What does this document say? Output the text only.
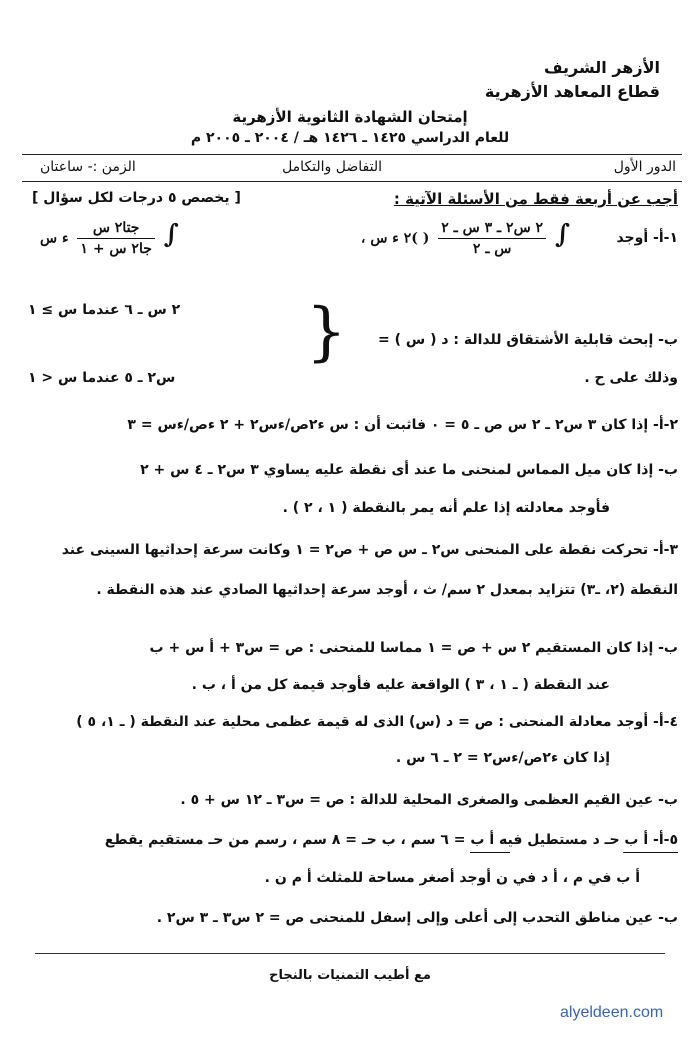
الأزهر الشريف
قطاع المعاهد الأزهرية
إمتحان الشهادة الثانوية الأزهرية
للعام الدراسي ١٤٢٥ ـ ١٤٢٦ هـ / ٢٠٠٤ ـ ٢٠٠٥ م
الدور الأول
التفاضل والتكامل
الزمن :- ساعتان
أجب عن أربعة فقط من الأسئلة الآتية :
[ يخصص ٥ درجات لكل سؤال ]
١-أ- أوجد
∫
$\frac{\text{٢ س٢ ـ ٣ س ـ ٢}}{\text{س ـ ٢}}$
( )٢ ء س ،
∫
$\frac{\text{جتا٢ س}}{\text{جا٢ س + ١}}$
ء س
ب- إبحث قابلية الأشتقاق للدالة : د ( س ) =
وذلك على ح .
{
٢ س ـ ٦ عندما س ≥ ١
س٢ ـ ٥ عندما س < ١
٢-أ- إذا كان ٣ س٢ ـ ٢ س ص ـ ٥ = ٠ فاثبت أن : س ء٢ص/ءس٢ + ٢ ءص/ءس = ٣
ب- إذا كان ميل المماس لمنحنى ما عند أى نقطة عليه يساوي ٣ س٢ ـ ٤ س + ٢
فأوجد معادلته إذا علم أنه يمر بالنقطة ( ١ ، ٢ ) .
٣-أ- تحركت نقطة على المنحنى س٢ ـ س ص + ص٢ = ١ وكانت سرعة إحداثيها السينى عند
النقطة (٢، ـ٣) تتزايد بمعدل ٢ سم/ ث ، أوجد سرعة إحداثيها الصادي عند هذه النقطة .
ب- إذا كان المستقيم ٢ س + ص = ١ مماسا للمنحنى : ص = س٣ + أ س + ب
عند النقطة ( ـ ١ ، ٣ ) الواقعة عليه فأوجد قيمة كل من أ ، ب .
٤-أ- أوجد معادلة المنحنى : ص = د (س) الذى له قيمة عظمى محلية عند النقطة ( ـ ١، ٥ )
إذا كان ء٢ص/ءس٢ = ٢ ـ ٦ س .
ب- عين القيم العظمى والصغرى المحلية للدالة : ص = س٣ ـ ١٢ س + ٥ .
٥-أ- أ ب حـ د مستطيل فيه أ ب = ٦ سم ، ب حـ = ٨ سم ، رسم من حـ مستقيم يقطع
أ ب في م ، أ د في ن أوجد أصغر مساحة للمثلث أ م ن .
ب- عين مناطق التحدب إلى أعلى وإلى إسفل للمنحنى ص = ٢ س٣ ـ ٣ س٢ .
مع أطيب التمنيات بالنجاح
alyeldeen.com
